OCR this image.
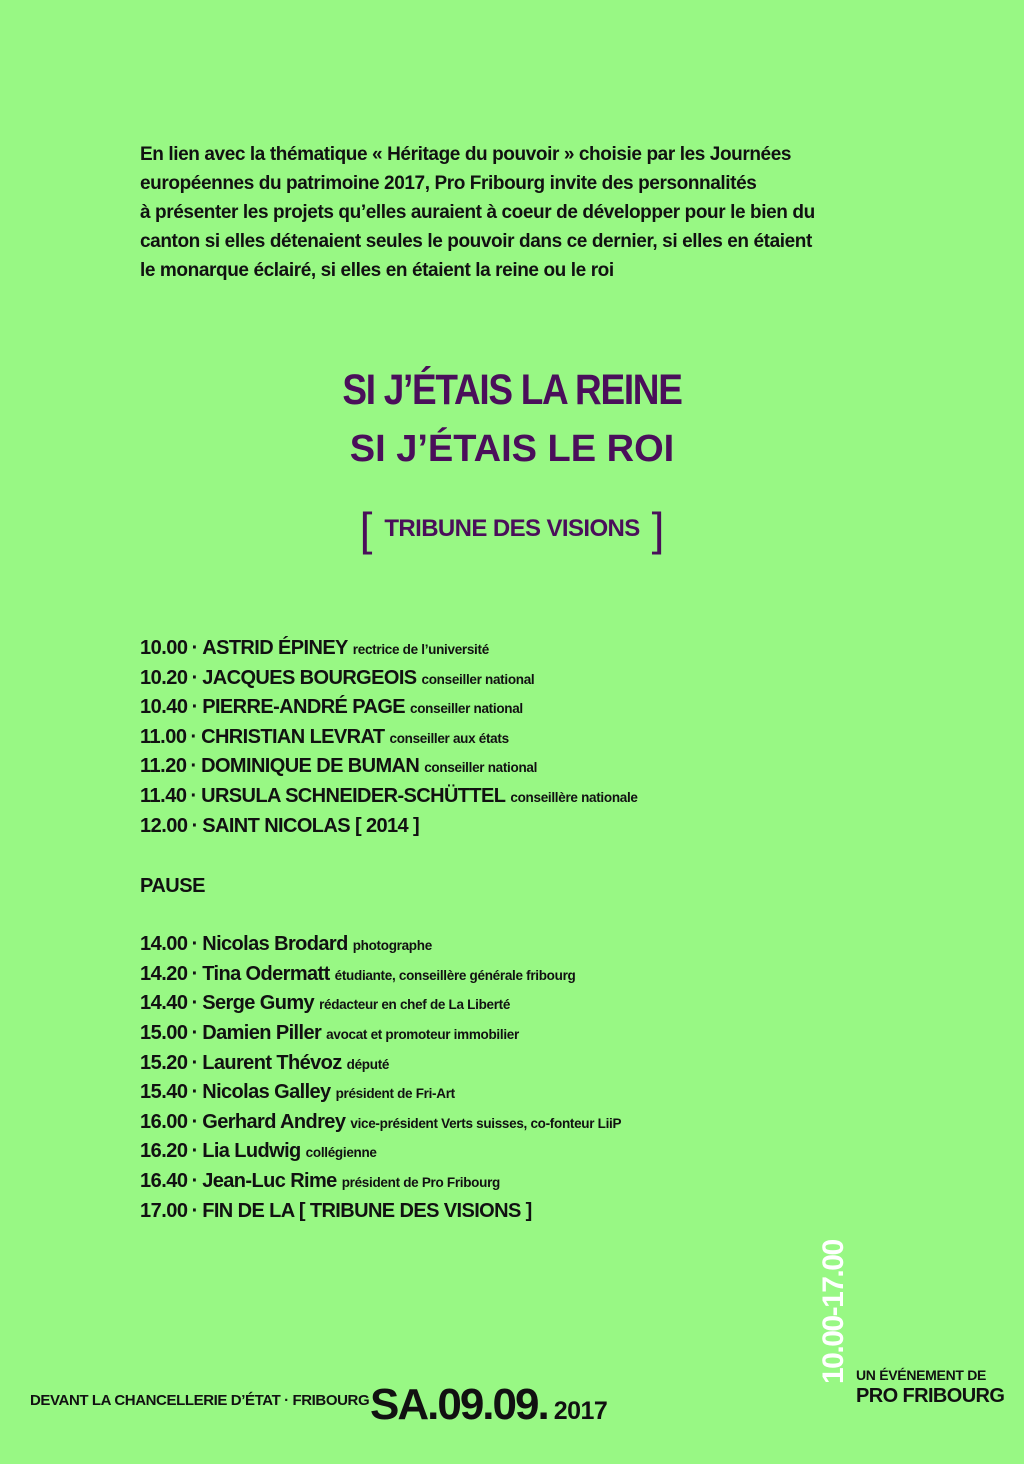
En lien avec la thématique « Héritage du pouvoir » choisie par les Journées
européennes du patrimoine 2017, Pro Fribourg invite des personnalités
à présenter les projets qu’elles auraient à coeur de développer pour le bien du
canton si elles détenaient seules le pouvoir dans ce dernier, si elles en étaient
le monarque éclairé, si elles en étaient la reine ou le roi
SI J’ÉTAIS LA REINE
SI J’ÉTAIS LE ROI
[ TRIBUNE DES VISIONS ]
10.00 · ASTRID ÉPINEY rectrice de l’université
10.20 · JACQUES BOURGEOIS conseiller national
10.40 · PIERRE-ANDRÉ PAGE conseiller national
11.00 · CHRISTIAN LEVRAT conseiller aux états
11.20 · DOMINIQUE DE BUMAN conseiller national
11.40 · URSULA SCHNEIDER-SCHÜTTEL conseillère nationale
12.00 · SAINT NICOLAS [ 2014 ]
PAUSE
14.00 · Nicolas Brodard photographe
14.20 · Tina Odermatt étudiante, conseillère générale fribourg
14.40 · Serge Gumy rédacteur en chef de La Liberté
15.00 · Damien Piller avocat et promoteur immobilier
15.20 · Laurent Thévoz député
15.40 · Nicolas Galley président de Fri-Art
16.00 · Gerhard Andrey vice-président Verts suisses, co-fonteur LiiP
16.20 · Lia Ludwig collégienne
16.40 · Jean-Luc Rime président de Pro Fribourg
17.00 · FIN DE LA [ TRIBUNE DES VISIONS ]
10.00-17.00
DEVANT LA CHANCELLERIE D’ÉTAT · FRIBOURG SA.09.09. 2017
UN ÉVÉNEMENT DE
PRO FRIBOURG
